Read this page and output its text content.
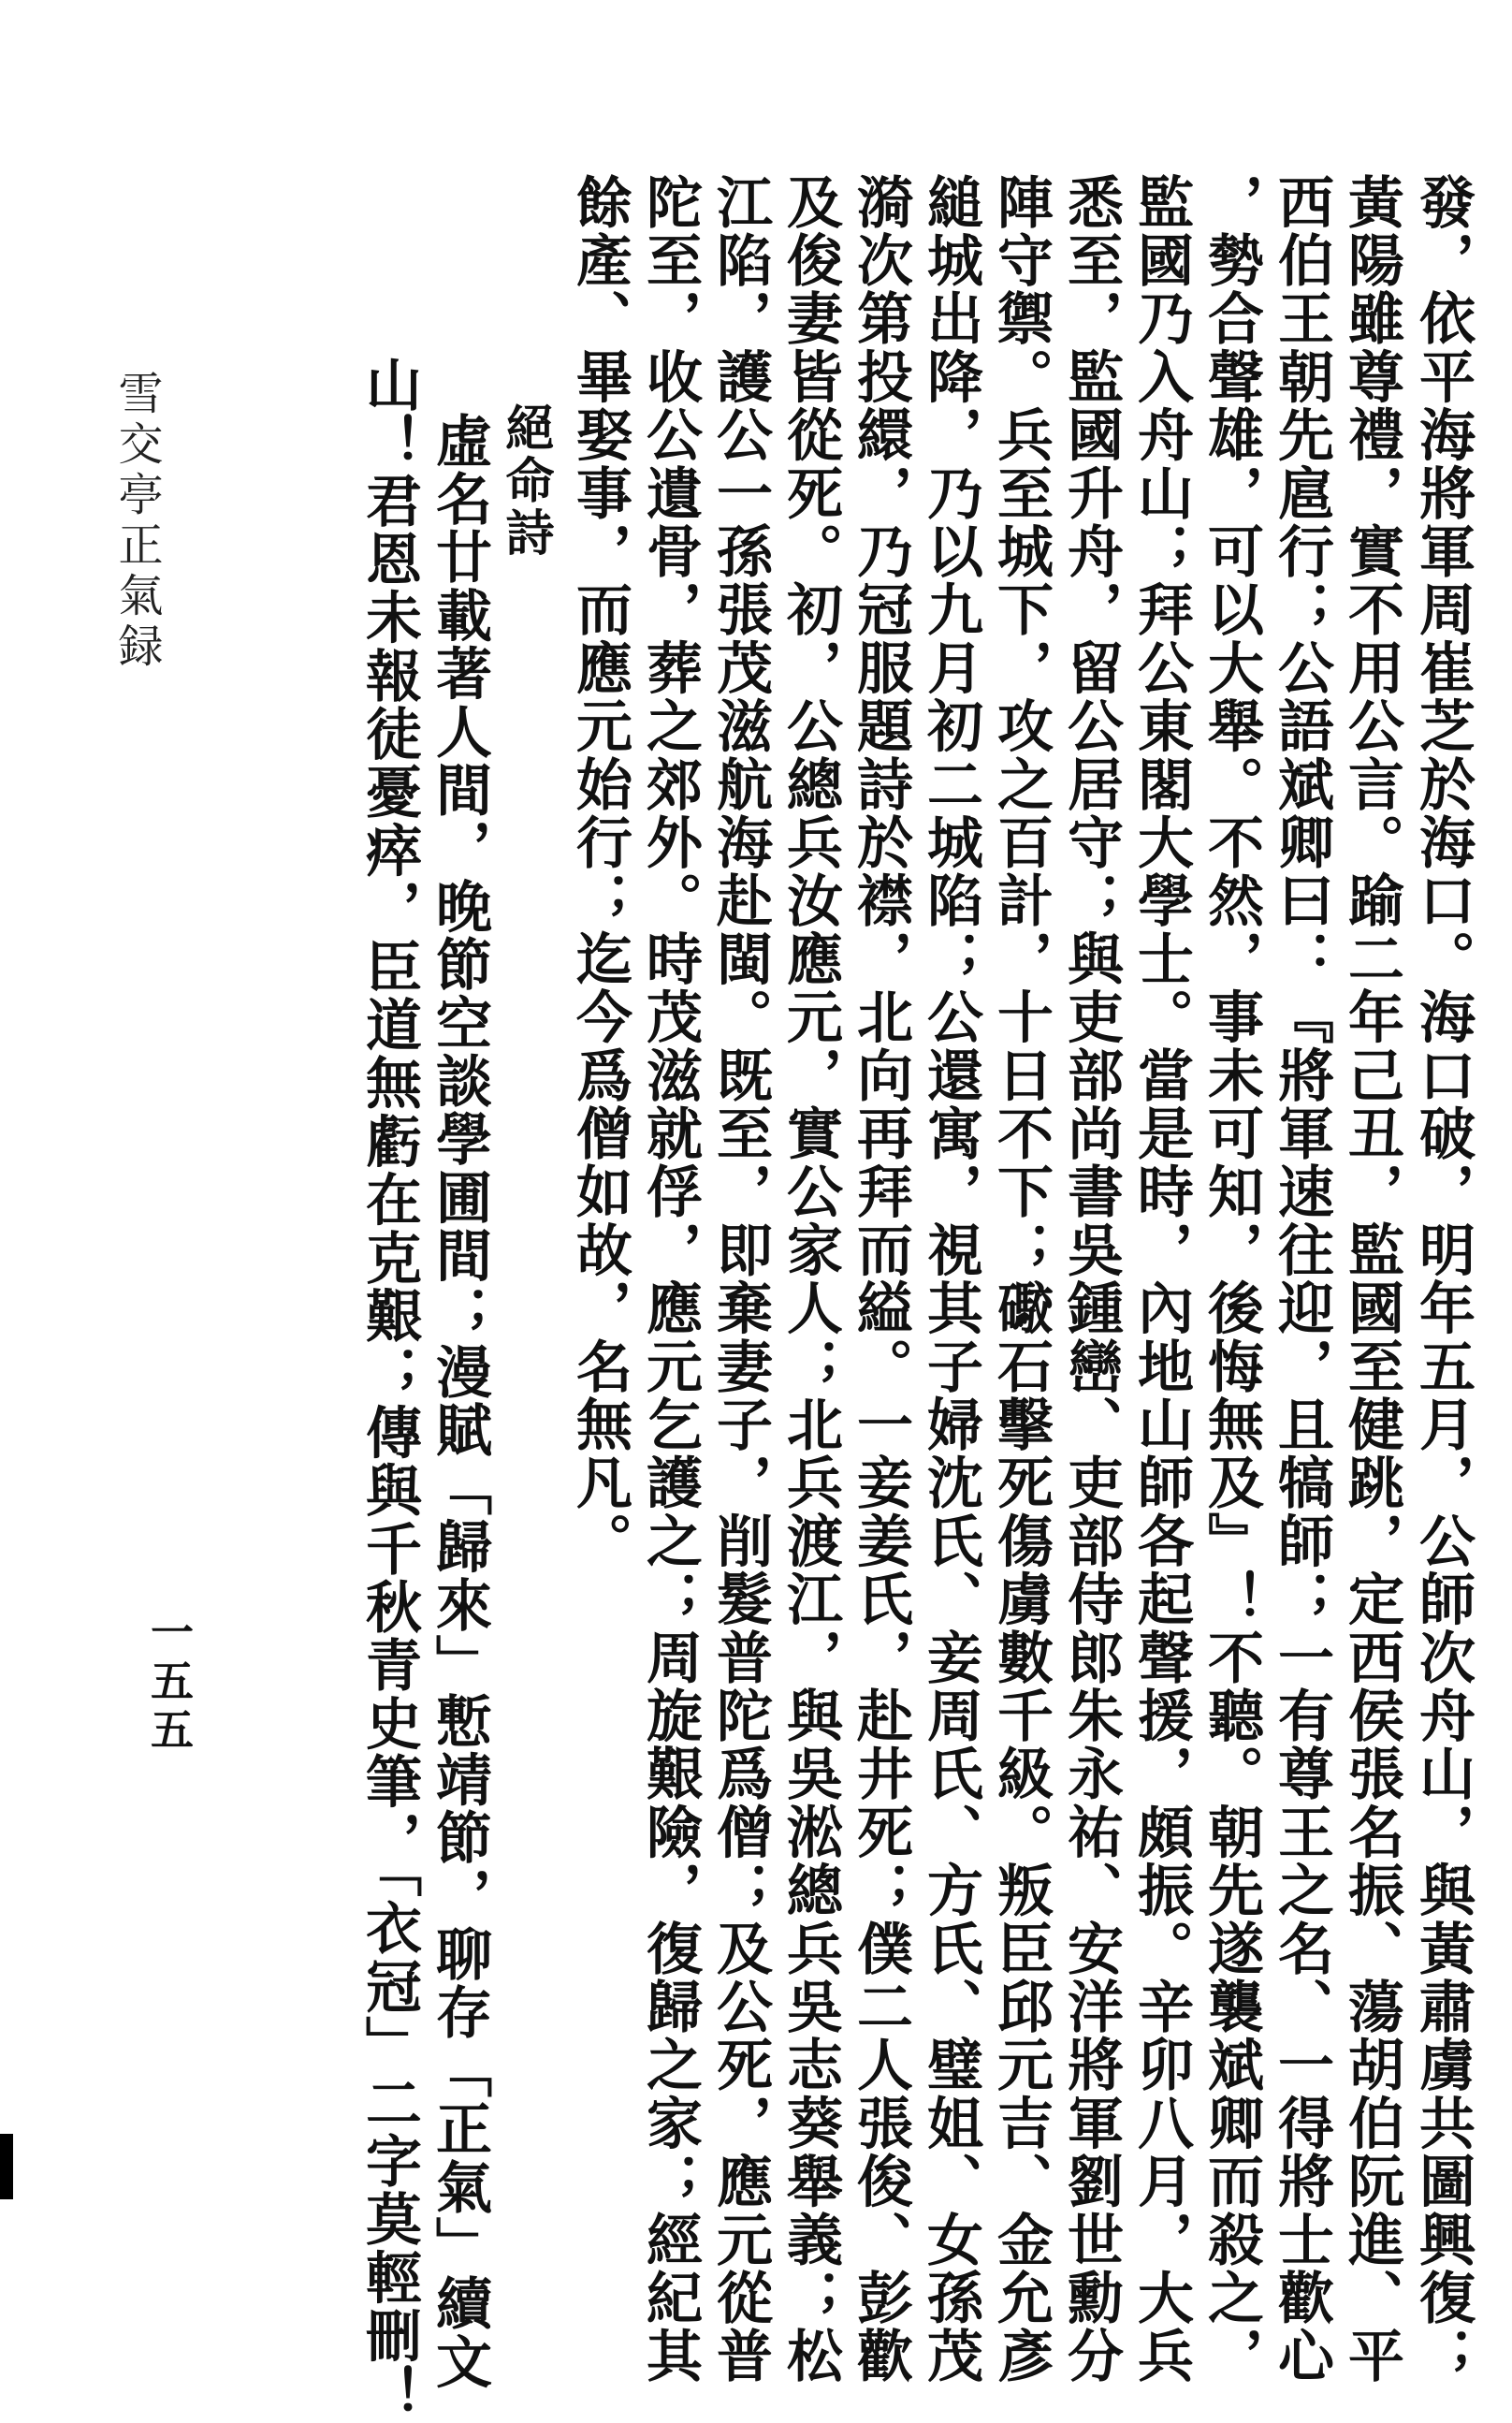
發，依平海將軍周崔芝於海口。海口破，明年五月，公師次舟山，與黃肅虜共圖興復；
黃陽雖尊禮，實不用公言。踰二年己丑，監國至健跳，定西侯張名振、蕩胡伯阮進、平
西伯王朝先扈行；公語斌卿曰：『將軍速往迎，且犒師；一有尊王之名、一得將士歡心
，勢合聲雄，可以大舉。不然，事未可知，後悔無及』！不聽。朝先遂襲斌卿而殺之，
監國乃入舟山；拜公東閣大學士。當是時，內地山師各起聲援，頗振。辛卯八月，大兵
悉至，監國升舟，留公居守；與吏部尚書吳鍾巒、吏部侍郎朱永祐、安洋將軍劉世勳分
陣守禦。兵至城下，攻之百計，十日不下；礮石擊死傷虜數千級。叛臣邱元吉、金允彥
縋城出降，乃以九月初二城陷；公還寓，視其子婦沈氏、妾周氏、方氏、璧姐、女孫茂
漪次第投繯，乃冠服題詩於襟，北向再拜而縊。一妾姜氏，赴井死；僕二人張俊、彭歡
及俊妻皆從死。初，公總兵汝應元，實公家人；北兵渡江，與吳淞總兵吳志葵舉義；松
江陷，護公一孫張茂滋航海赴閩。既至，即棄妻子，削髮普陀爲僧；及公死，應元從普
陀至，收公遺骨，葬之郊外。時茂滋就俘，應元乞護之；周旋艱險，復歸之家；經紀其
餘產、畢娶事，而應元始行；迄今爲僧如故，名無凡。
絕命詩
虛名廿載著人間，晚節空談學圃間；漫賦「歸來」慙靖節，聊存「正氣」續文
山！君恩未報徒憂瘁，臣道無虧在克艱；傳與千秋青史筆，「衣冠」二字莫輕刪！
一五五
雪交亭正氣録
